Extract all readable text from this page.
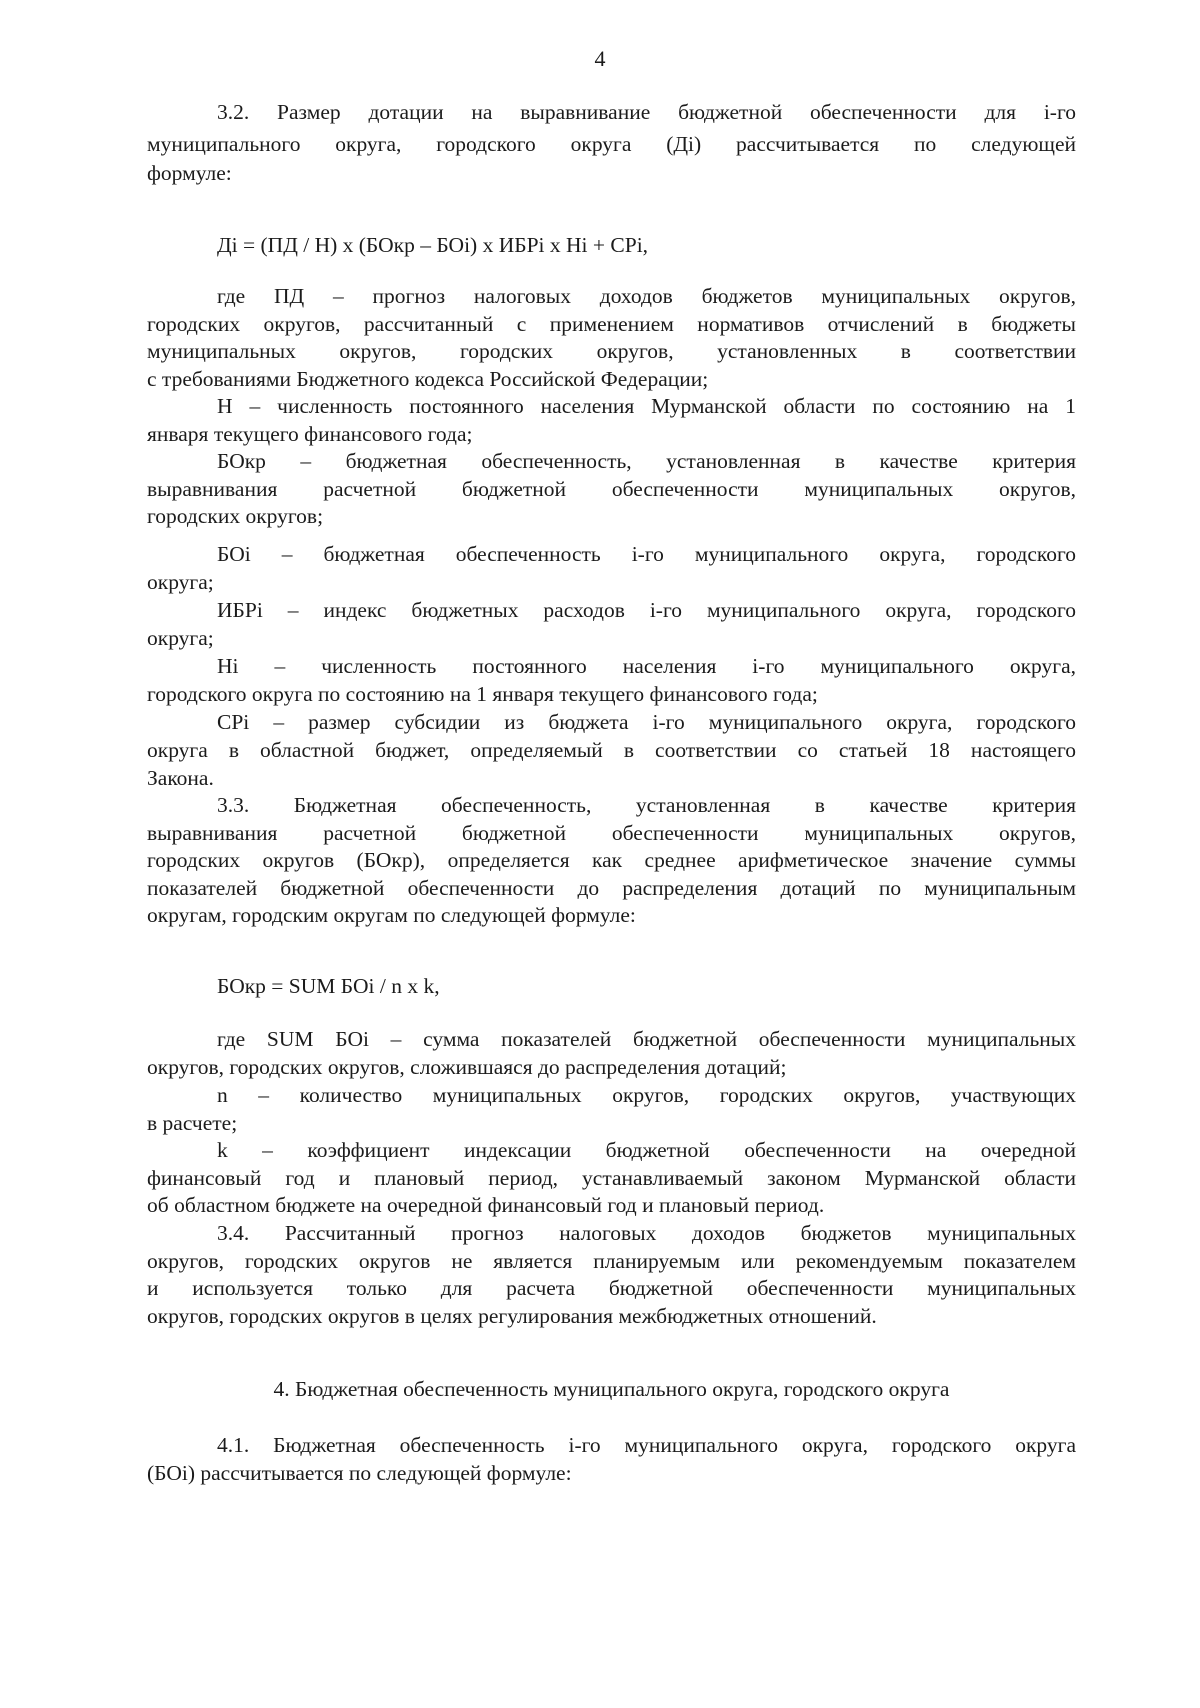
4

3.2. Размер дотации на выравнивание бюджетной обеспеченности для i-го

муниципального округа, городского округа (Дi) рассчитывается по следующей

формуле:

Дi = (ПД / Н) x (БОкр – БОi) x ИБРi x Нi + СРi,

где ПД – прогноз налоговых доходов бюджетов муниципальных округов,

городских округов, рассчитанный с применением нормативов отчислений в бюджеты

муниципальных округов, городских округов, установленных в соответствии

с требованиями Бюджетного кодекса Российской Федерации;

Н – численность постоянного населения Мурманской области по состоянию на 1

января текущего финансового года;

БОкр – бюджетная обеспеченность, установленная в качестве критерия

выравнивания расчетной бюджетной обеспеченности муниципальных округов,

городских округов;

БОi – бюджетная обеспеченность i-го муниципального округа, городского

округа;

ИБРi – индекс бюджетных расходов i-го муниципального округа, городского

округа;

Нi – численность постоянного населения i-го муниципального округа,

городского округа по состоянию на 1 января текущего финансового года;

СРi – размер субсидии из бюджета i-го муниципального округа, городского

округа в областной бюджет, определяемый в соответствии со статьей 18 настоящего

Закона.

3.3. Бюджетная обеспеченность, установленная в качестве критерия

выравнивания расчетной бюджетной обеспеченности муниципальных округов,

городских округов (БОкр), определяется как среднее арифметическое значение суммы

показателей бюджетной обеспеченности до распределения дотаций по муниципальным

округам, городским округам по следующей формуле:

БОкр = SUM БОi / n x k,

где SUM БОi – сумма показателей бюджетной обеспеченности муниципальных

округов, городских округов, сложившаяся до распределения дотаций;

n – количество муниципальных округов, городских округов, участвующих

в расчете;

k – коэффициент индексации бюджетной обеспеченности на очередной

финансовый год и плановый период, устанавливаемый законом Мурманской области

об областном бюджете на очередной финансовый год и плановый период.

3.4. Рассчитанный прогноз налоговых доходов бюджетов муниципальных

округов, городских округов не является планируемым или рекомендуемым показателем

и используется только для расчета бюджетной обеспеченности муниципальных

округов, городских округов в целях регулирования межбюджетных отношений.

4. Бюджетная обеспеченность муниципального округа, городского округа

4.1. Бюджетная обеспеченность i-го муниципального округа, городского округа

(БОi) рассчитывается по следующей формуле:
